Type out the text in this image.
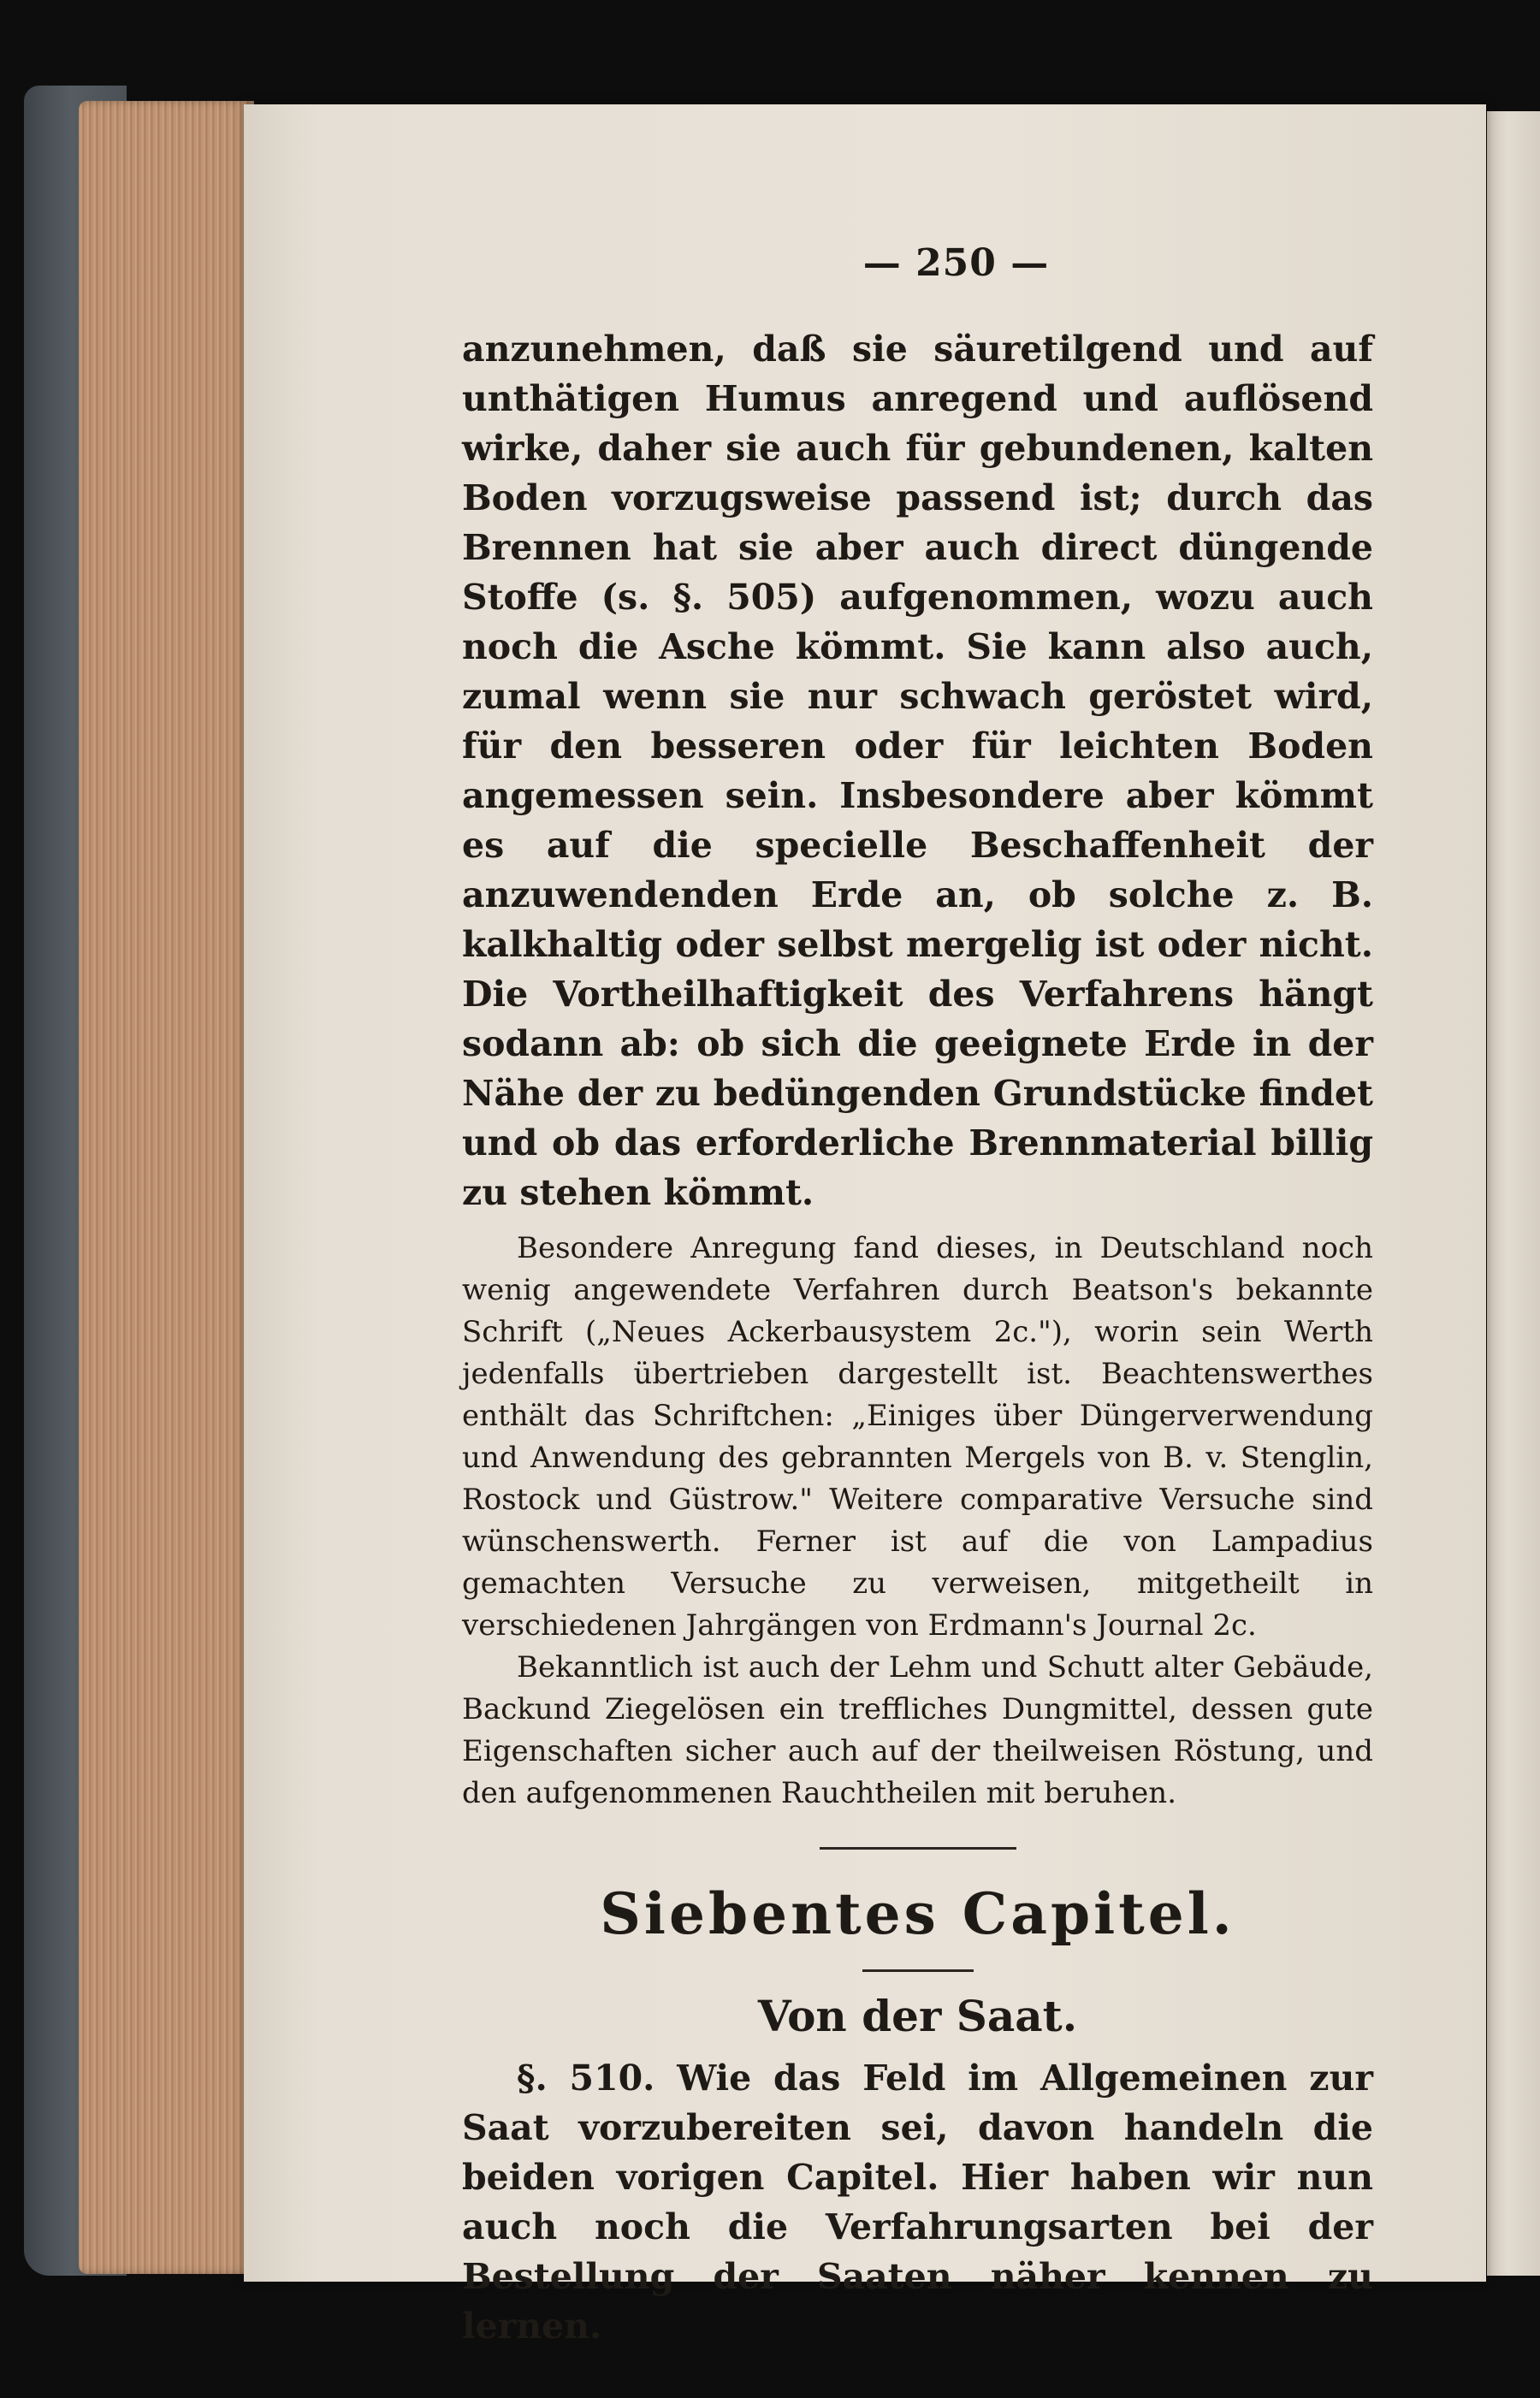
— 250 —

anzunehmen, daß sie säuretilgend und auf unthätigen Humus anregend und auflösend wirke, daher sie auch für gebundenen, kalten Boden vorzugsweise passend ist; durch das Brennen hat sie aber auch direct düngende Stoffe (s. §. 505) aufgenommen, wozu auch noch die Asche kömmt. Sie kann also auch, zumal wenn sie nur schwach geröstet wird, für den besseren oder für leichten Boden angemessen sein. Insbesondere aber kömmt es auf die specielle Beschaffenheit der anzuwendenden Erde an, ob solche z. B. kalkhaltig oder selbst mergelig ist oder nicht. Die Vortheilhaftigkeit des Verfahrens hängt sodann ab: ob sich die geeignete Erde in der Nähe der zu bedüngenden Grundstücke findet und ob das erforderliche Brennmaterial billig zu stehen kömmt.

Besondere Anregung fand dieses, in Deutschland noch wenig angewendete Verfahren durch Beatson's bekannte Schrift („Neues Ackerbausystem 2c."), worin sein Werth jedenfalls übertrieben dargestellt ist. Beachtenswerthes enthält das Schriftchen: „Einiges über Düngerverwendung und Anwendung des gebrannten Mergels von B. v. Stenglin, Rostock und Güstrow." Weitere comparative Versuche sind wünschenswerth. Ferner ist auf die von Lampadius gemachten Versuche zu verweisen, mitgetheilt in verschiedenen Jahrgängen von Erdmann's Journal 2c.

Bekanntlich ist auch der Lehm und Schutt alter Gebäude, Backund Ziegelösen ein treffliches Dungmittel, dessen gute Eigenschaften sicher auch auf der theilweisen Röstung, und den aufgenommenen Rauchtheilen mit beruhen.

Siebentes Capitel.
Von der Saat.

§. 510. Wie das Feld im Allgemeinen zur Saat vorzubereiten sei, davon handeln die beiden vorigen Capitel. Hier haben wir nun auch noch die Verfahrungsarten bei der Bestellung der Saaten näher kennen zu lernen.
